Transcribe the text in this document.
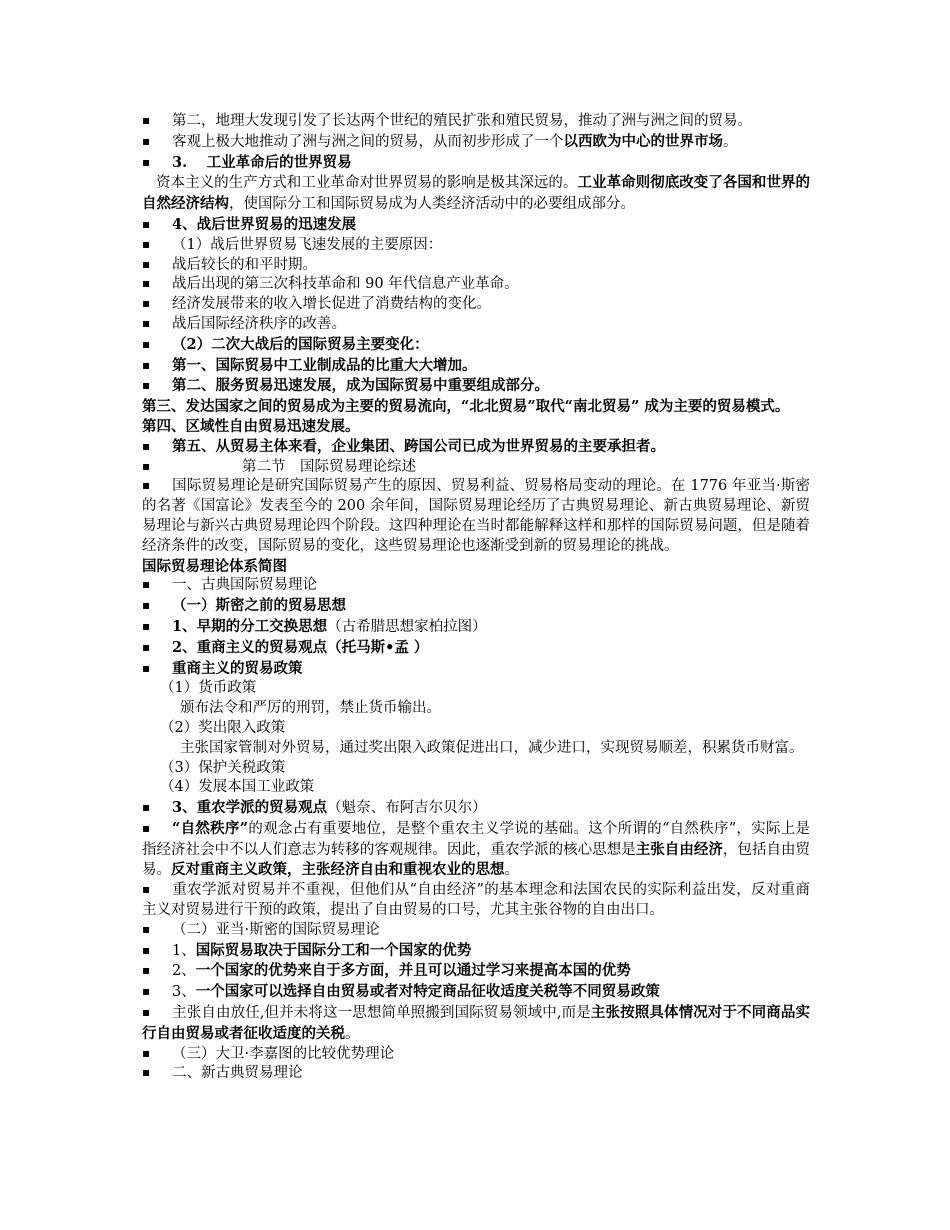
▪第二，地理大发现引发了长达两个世纪的殖民扩张和殖民贸易，推动了洲与洲之间的贸易。
▪客观上极大地推动了洲与洲之间的贸易，从而初步形成了一个以西欧为中心的世界市场。
▪3.　 工业革命后的世界贸易
资本主义的生产方式和工业革命对世界贸易的影响是极其深远的。工业革命则彻底改变了各国和世界的自然经济结构，使国际分工和国际贸易成为人类经济活动中的必要组成部分。
▪4、战后世界贸易的迅速发展
▪（1）战后世界贸易飞速发展的主要原因：
▪战后较长的和平时期。
▪战后出现的第三次科技革命和 90 年代信息产业革命。
▪经济发展带来的收入增长促进了消费结构的变化。
▪战后国际经济秩序的改善。
▪（2）二次大战后的国际贸易主要变化：
▪第一、国际贸易中工业制成品的比重大大增加。
▪第二、服务贸易迅速发展，成为国际贸易中重要组成部分。
第三、发达国家之间的贸易成为主要的贸易流向，“北北贸易”取代“南北贸易” 成为主要的贸易模式。
第四、区域性自由贸易迅速发展。
▪第五、从贸易主体来看，企业集团、跨国公司已成为世界贸易的主要承担者。
▪第二节　国际贸易理论综述
▪国际贸易理论是研究国际贸易产生的原因、贸易利益、贸易格局变动的理论。在 1776 年亚当·斯密的名著《国富论》发表至今的 200 余年间，国际贸易理论经历了古典贸易理论、新古典贸易理论、新贸易理论与新兴古典贸易理论四个阶段。这四种理论在当时都能解释这样和那样的国际贸易问题，但是随着经济条件的改变，国际贸易的变化，这些贸易理论也逐渐受到新的贸易理论的挑战。
国际贸易理论体系简图
▪一、古典国际贸易理论
▪（一）斯密之前的贸易思想
▪1、早期的分工交换思想（古希腊思想家柏拉图）
▪2、重商主义的贸易观点（托马斯•孟 ）
▪重商主义的贸易政策
（1）货币政策
颁布法令和严厉的刑罚，禁止货币输出。
（2）奖出限入政策
主张国家管制对外贸易，通过奖出限入政策促进出口，减少进口，实现贸易顺差，积累货币财富。
（3）保护关税政策
（4）发展本国工业政策
▪3、重农学派的贸易观点（魁奈、布阿吉尔贝尔）
▪“自然秩序”的观念占有重要地位，是整个重农主义学说的基础。这个所谓的“自然秩序”，实际上是指经济社会中不以人们意志为转移的客观规律。因此，重农学派的核心思想是主张自由经济，包括自由贸易。反对重商主义政策，主张经济自由和重视农业的思想。
▪重农学派对贸易并不重视，但他们从“自由经济”的基本理念和法国农民的实际利益出发，反对重商主义对贸易进行干预的政策，提出了自由贸易的口号，尤其主张谷物的自由出口。
▪（二）亚当·斯密的国际贸易理论
▪1、国际贸易取决于国际分工和一个国家的优势
▪2、一个国家的优势来自于多方面，并且可以通过学习来提高本国的优势
▪3、一个国家可以选择自由贸易或者对特定商品征收适度关税等不同贸易政策
▪主张自由放任,但并未将这一思想简单照搬到国际贸易领域中,而是主张按照具体情况对于不同商品实行自由贸易或者征收适度的关税。
▪（三）大卫·李嘉图的比较优势理论
▪二、新古典贸易理论
